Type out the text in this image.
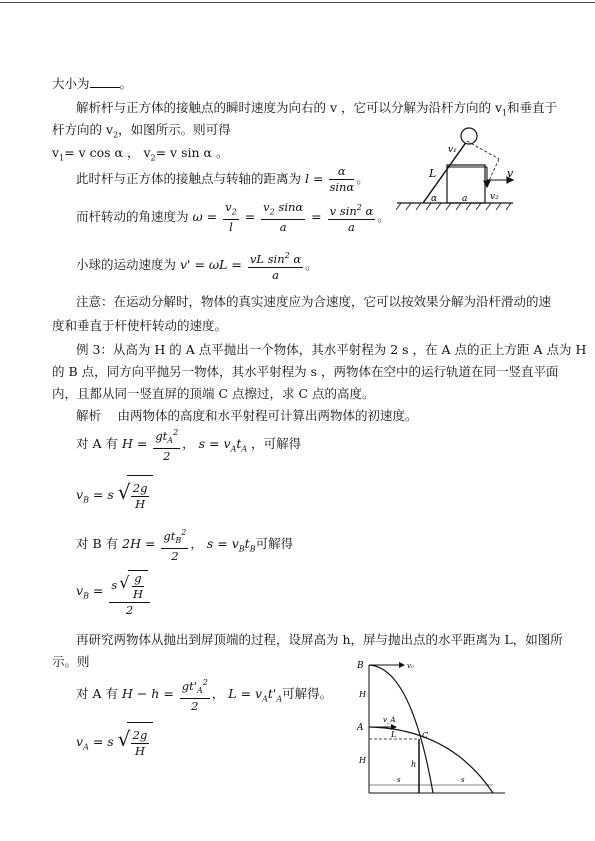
大小为 。
解析杆与正方体的接触点的瞬时速度为向右的 v ，它可以分解为沿杆方向的 $v_1$和垂直于
杆方向的 $v_2$，如图所示。则可得
$v_1= v$ cos α ， $v_2= v$ sin α 。
此时杆与正方体的接触点与转轴的距离为 $l = \frac{\alpha}{\sin\alpha}$ 。
而杆转动的角速度为 $\omega = \frac{v_2}{l} = \frac{v_2 \sin\alpha}{a} = \frac{v \sin^2 \alpha}{a}$ 。
小球的运动速度为 $v' = \omega L = \frac{vL \sin^2 \alpha}{a}$ 。
注意：在运动分解时，物体的真实速度应为合速度，它可以按效果分解为沿杆滑动的速
度和垂直于杆使杆转动的速度。
例 3：从高为 H 的 A 点平抛出一个物体，其水平射程为 2 s ，在 A 点的正上方距 A 点为 H
的 B 点，同方向平抛另一物体，其水平射程为 s ，两物体在空中的运行轨道在同一竖直平面
内，且都从同一竖直屏的顶端 C 点擦过，求 C 点的高度。
解析　 由两物体的高度和水平射程可计算出两物体的初速度。
对 A 有 $H = \frac{gt_A^2}{2}$ ， $s = v_At_A$ ，可解得
$v_B = s$ √ $\frac{2g}{H}$
对 B 有 $2H = \frac{gt_B^2}{2}$ ， $s = v_Bt_B$可解得
$v_B = \frac{s √ \frac{g}{H}}{2}$
再研究两物体从抛出到屏顶端的过程，设屏高为 h，屏与抛出点的水平距离为 L，如图所
示。则
对 A 有 $H - h = \frac{gt'_A^2}{2}$ ， $L = v_At'_A$可解得。
$v_A = s$ √ $\frac{2g}{H}$
v₁
L	v
α	a	v₂
B	v₀
H
A
v_A
L	C
H	h
s	s
